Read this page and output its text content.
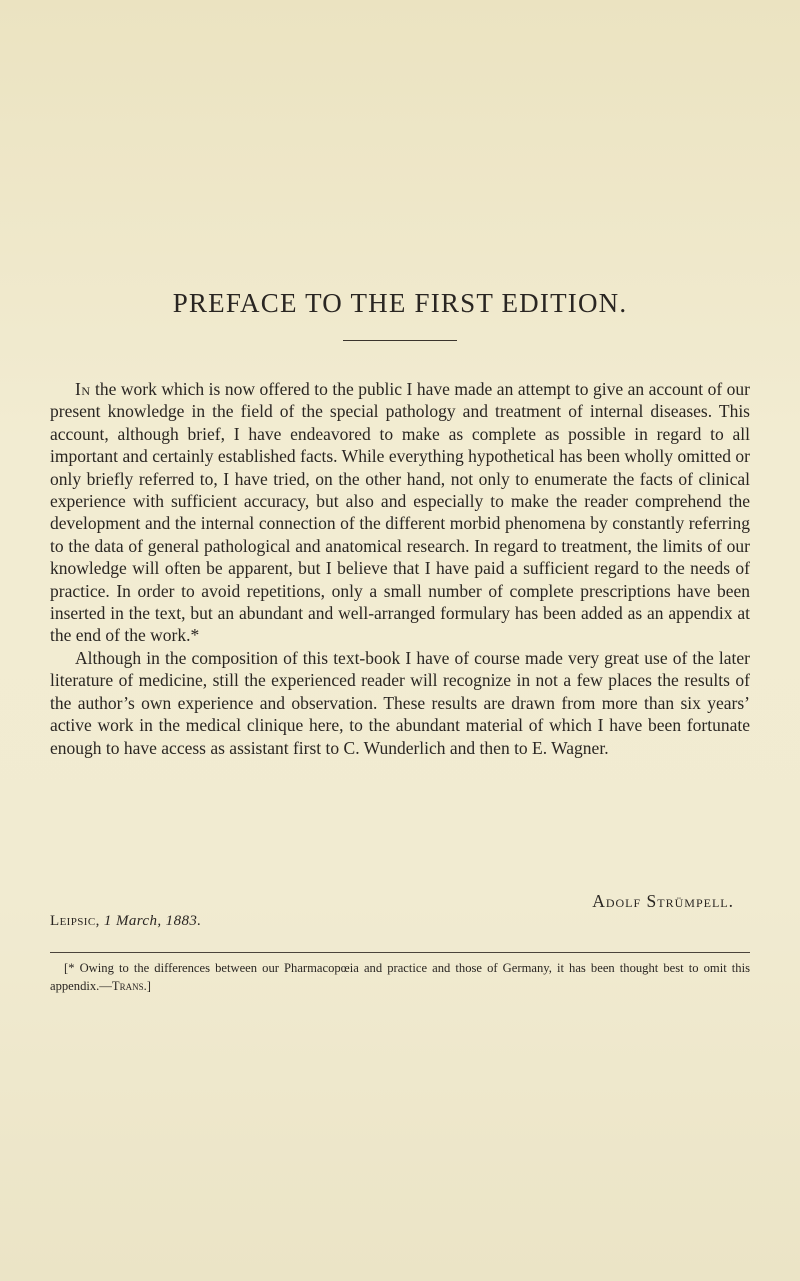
PREFACE TO THE FIRST EDITION.

In the work which is now offered to the public I have made an attempt to give an account of our present knowledge in the field of the special pathology and treatment of internal diseases. This account, although brief, I have endeavored to make as complete as possible in regard to all important and certainly established facts. While everything hypothetical has been wholly omitted or only briefly referred to, I have tried, on the other hand, not only to enumerate the facts of clinical experience with sufficient accuracy, but also and especially to make the reader comprehend the development and the internal connection of the different morbid phenomena by constantly referring to the data of general pathological and anatomical research. In regard to treatment, the limits of our knowledge will often be apparent, but I believe that I have paid a sufficient regard to the needs of practice. In order to avoid repetitions, only a small number of complete prescriptions have been inserted in the text, but an abundant and well-arranged formulary has been added as an appendix at the end of the work.*

Although in the composition of this text-book I have of course made very great use of the later literature of medicine, still the experienced reader will recognize in not a few places the results of the author’s own experience and observation. These results are drawn from more than six years’ active work in the medical clinique here, to the abundant material of which I have been fortunate enough to have access as assistant first to C. Wunderlich and then to E. Wagner.

Adolf Strümpell.
Leipsic, 1 March, 1883.

[* Owing to the differences between our Pharmacopœia and practice and those of Germany, it has been thought best to omit this appendix.—Trans.]
